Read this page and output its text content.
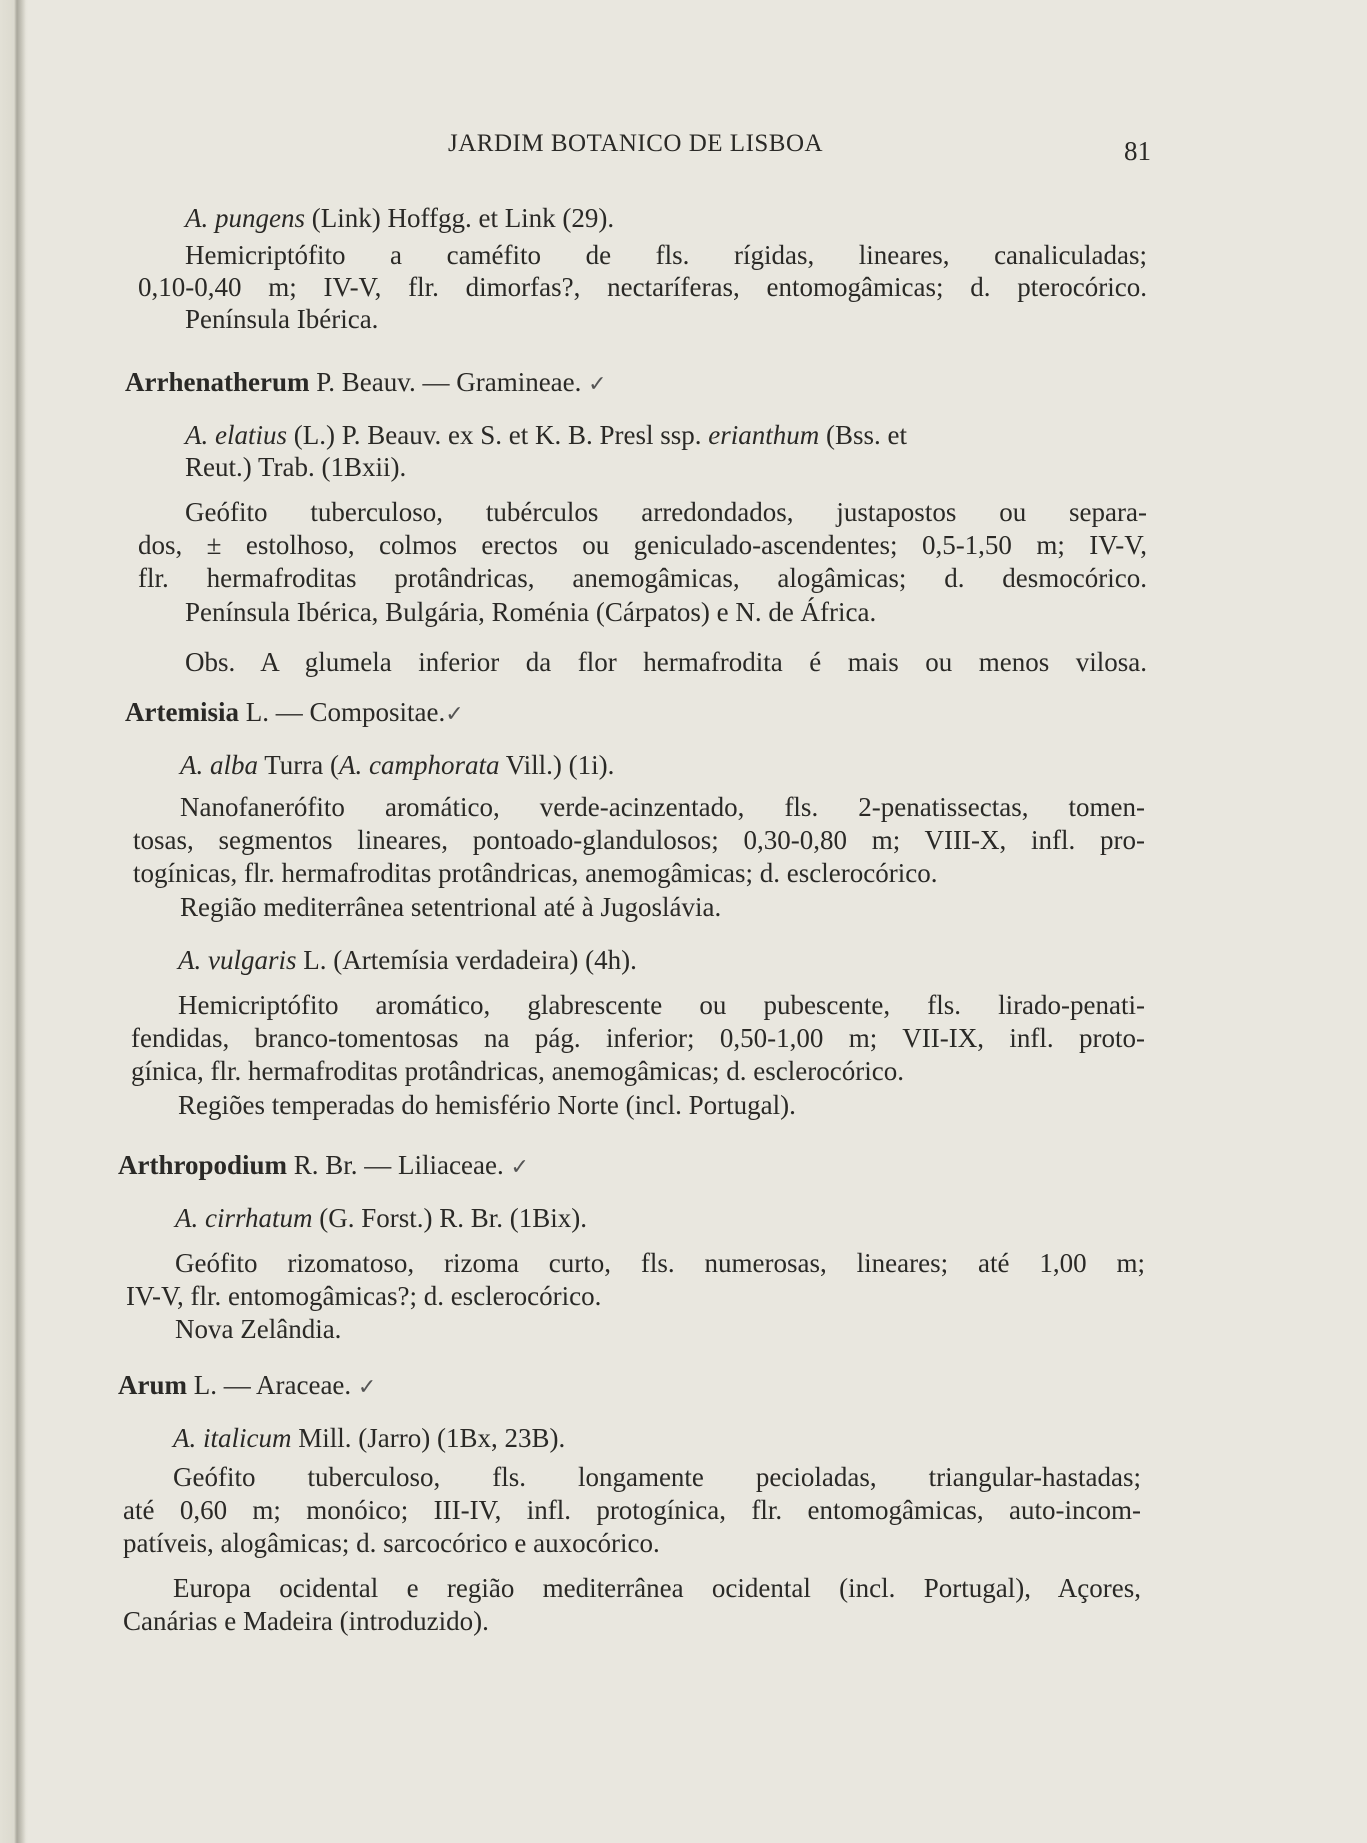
JARDIM BOTANICO DE LISBOA	81
A. pungens (Link) Hoffgg. et Link (29).
Hemicriptófito a caméfito de fls. rígidas, lineares, canaliculadas;
0,10-0,40 m; IV-V, flr. dimorfas?, nectaríferas, entomogâmicas; d. pterocórico.
Península Ibérica.
Arrhenatherum P. Beauv. — Gramineae. ✓
A. elatius (L.) P. Beauv. ex S. et K. B. Presl ssp. erianthum (Bss. et
Reut.) Trab. (1Bxii).
Geófito tuberculoso, tubérculos arredondados, justapostos ou separa-
dos, ± estolhoso, colmos erectos ou geniculado-ascendentes; 0,5-1,50 m; IV-V,
flr. hermafroditas protândricas, anemogâmicas, alogâmicas; d. desmocórico.
Península Ibérica, Bulgária, Roménia (Cárpatos) e N. de África.
Obs. A glumela inferior da flor hermafrodita é mais ou menos vilosa.
Artemisia L. — Compositae.✓
A. alba Turra (A. camphorata Vill.) (1i).
Nanofanerófito aromático, verde-acinzentado, fls. 2-penatissectas, tomen-
tosas, segmentos lineares, pontoado-glandulosos; 0,30-0,80 m; VIII-X, infl. pro-
togínicas, flr. hermafroditas protândricas, anemogâmicas; d. esclerocórico.
Região mediterrânea setentrional até à Jugoslávia.
A. vulgaris L. (Artemísia verdadeira) (4h).
Hemicriptófito aromático, glabrescente ou pubescente, fls. lirado-penati-
fendidas, branco-tomentosas na pág. inferior; 0,50-1,00 m; VII-IX, infl. proto-
gínica, flr. hermafroditas protândricas, anemogâmicas; d. esclerocórico.
Regiões temperadas do hemisfério Norte (incl. Portugal).
Arthropodium R. Br. — Liliaceae. ✓
A. cirrhatum (G. Forst.) R. Br. (1Bix).
Geófito rizomatoso, rizoma curto, fls. numerosas, lineares; até 1,00 m;
IV-V, flr. entomogâmicas?; d. esclerocórico.
Nova Zelândia.
Arum L. — Araceae. ✓
A. italicum Mill. (Jarro) (1Bx, 23B).
Geófito tuberculoso, fls. longamente pecioladas, triangular-hastadas;
até 0,60 m; monóico; III-IV, infl. protogínica, flr. entomogâmicas, auto-incom-
patíveis, alogâmicas; d. sarcocórico e auxocórico.
Europa ocidental e região mediterrânea ocidental (incl. Portugal), Açores,
Canárias e Madeira (introduzido).
